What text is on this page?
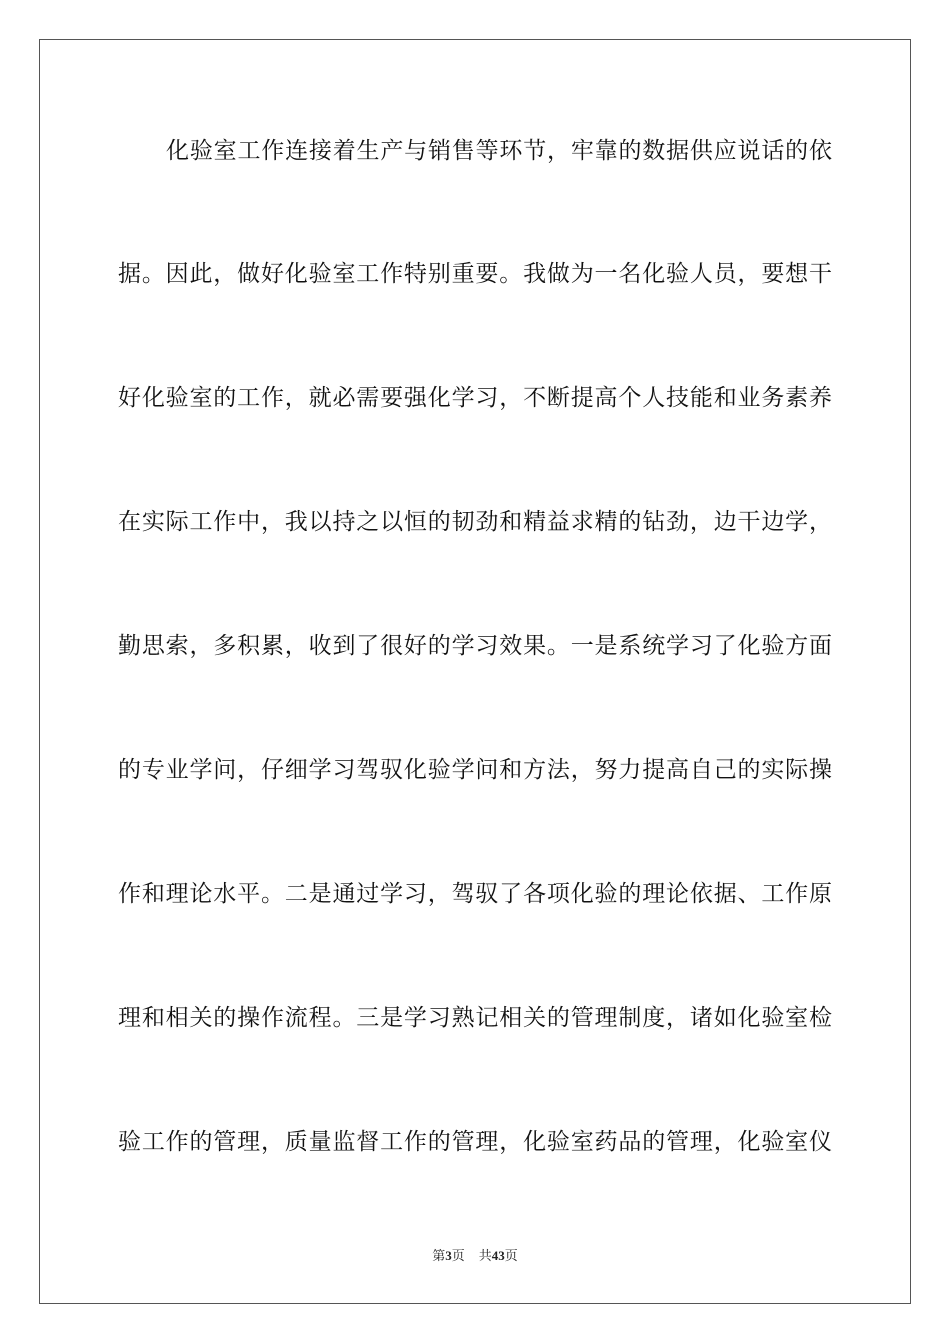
化验室工作连接着生产与销售等环节，牢靠的数据供应说话的依
据。因此，做好化验室工作特别重要。我做为一名化验人员，要想干
好化验室的工作，就必需要强化学习，不断提高个人技能和业务素养
在实际工作中，我以持之以恒的韧劲和精益求精的钻劲，边干边学，
勤思索，多积累，收到了很好的学习效果。一是系统学习了化验方面
的专业学问，仔细学习驾驭化验学问和方法，努力提高自己的实际操
作和理论水平。二是通过学习，驾驭了各项化验的理论依据、工作原
理和相关的操作流程。三是学习熟记相关的管理制度，诸如化验室检
验工作的管理，质量监督工作的管理，化验室药品的管理，化验室仪
第3页 共43页
